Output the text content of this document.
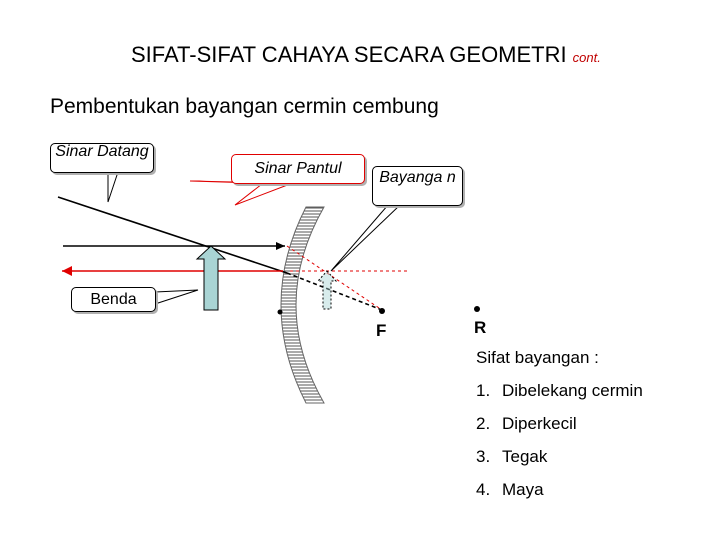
SIFAT-SIFAT CAHAYA SECARA GEOMETRI cont.
Pembentukan bayangan cermin cembung
Sinar Datang
Sinar Pantul
Bayanga n
Benda
F	R
Sifat bayangan :
1. Dibelekang cermin
2. Diperkecil
3. Tegak
4. Maya
